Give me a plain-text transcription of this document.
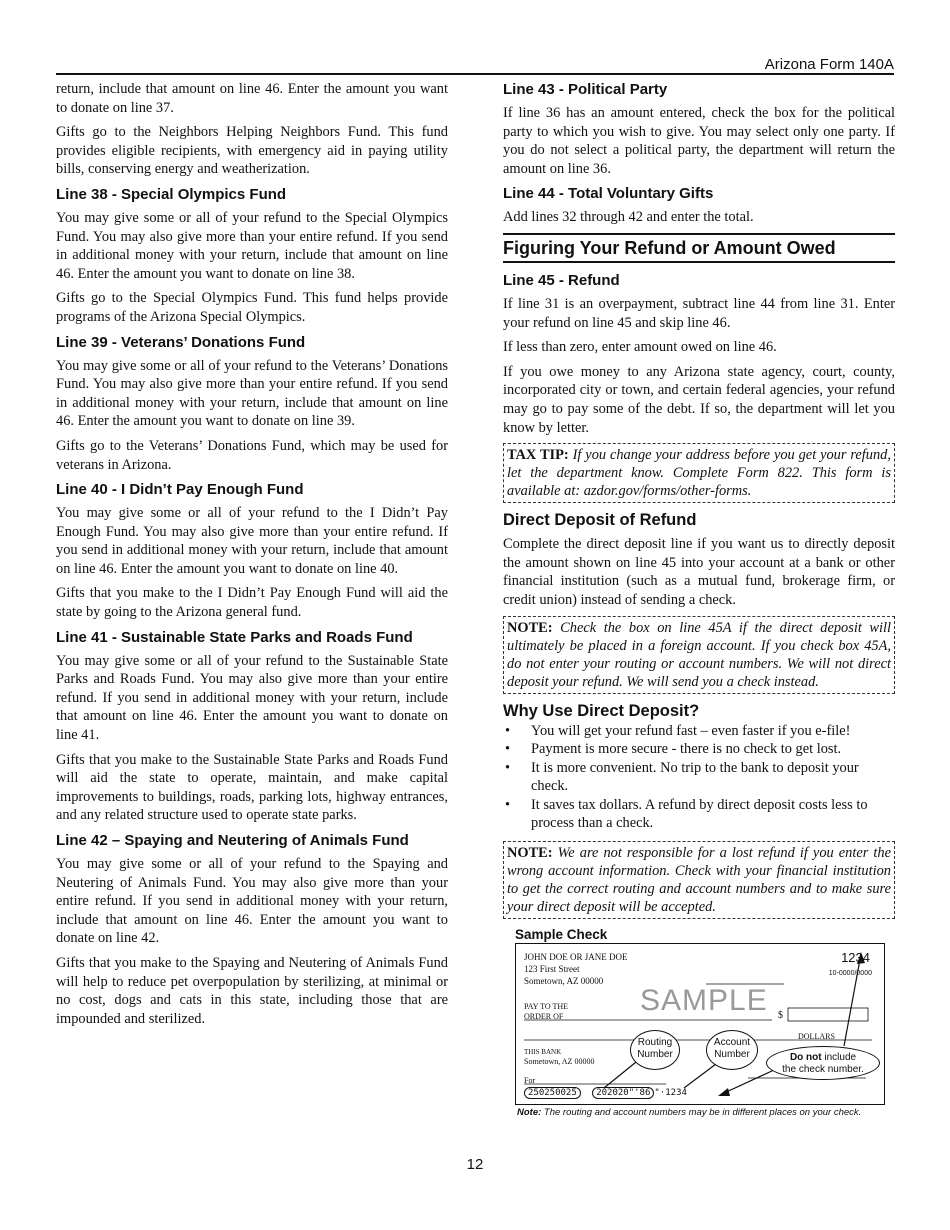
Arizona Form 140A

return, include that amount on line 46. Enter the amount you want to donate on line 37.

Gifts go to the Neighbors Helping Neighbors Fund. This fund provides eligible recipients, with emergency aid in paying utility bills, conserving energy and weatherization.

Line 38 - Special Olympics Fund

You may give some or all of your refund to the Special Olympics Fund. You may also give more than your entire refund. If you send in additional money with your return, include that amount on line 46. Enter the amount you want to donate on line 38.

Gifts go to the Special Olympics Fund. This fund helps provide programs of the Arizona Special Olympics.

Line 39 - Veterans’ Donations Fund

You may give some or all of your refund to the Veterans’ Donations Fund. You may also give more than your entire refund. If you send in additional money with your return, include that amount on line 46. Enter the amount you want to donate on line 39.

Gifts go to the Veterans’ Donations Fund, which may be used for veterans in Arizona.

Line 40 - I Didn’t Pay Enough Fund

You may give some or all of your refund to the I Didn’t Pay Enough Fund. You may also give more than your entire refund. If you send in additional money with your return, include that amount on line 46. Enter the amount you want to donate on line 40.

Gifts that you make to the I Didn’t Pay Enough Fund will aid the state by going to the Arizona general fund.

Line 41 - Sustainable State Parks and Roads Fund

You may give some or all of your refund to the Sustainable State Parks and Roads Fund. You may also give more than your entire refund. If you send in additional money with your return, include that amount on line 46. Enter the amount you want to donate on line 41.

Gifts that you make to the Sustainable State Parks and Roads Fund will aid the state to operate, maintain, and make capital improvements to buildings, roads, parking lots, highway entrances, and any related structure used to operate state parks.

Line 42 – Spaying and Neutering of Animals Fund

You may give some or all of your refund to the Spaying and Neutering of Animals Fund. You may also give more than your entire refund. If you send in additional money with your return, include that amount on line 46. Enter the amount you want to donate on line 42.

Gifts that you make to the Spaying and Neutering of Animals Fund will help to reduce pet overpopulation by sterilizing, at minimal or no cost, dogs and cats in this state, including those that are impounded and sterilized.

Line 43 - Political Party

If line 36 has an amount entered, check the box for the political party to which you wish to give. You may select only one party. If you do not select a political party, the department will return the amount on line 36.

Line 44 - Total Voluntary Gifts

Add lines 32 through 42 and enter the total.

Figuring Your Refund or Amount Owed
Line 45 - Refund

If line 31 is an overpayment, subtract line 44 from line 31. Enter your refund on line 45 and skip line 46.

If less than zero, enter amount owed on line 46.

If you owe money to any Arizona state agency, court, county, incorporated city or town, and certain federal agencies, your refund may go to pay some of the debt. If so, the department will let you know by letter.

TAX TIP: If you change your address before you get your refund, let the department know. Complete Form 822. This form is available at: azdor.gov/forms/other-forms.
Direct Deposit of Refund

Complete the direct deposit line if you want us to directly deposit the amount shown on line 45 into your account at a bank or other financial institution (such as a mutual fund, brokerage firm, or credit union) instead of sending a check.

NOTE: Check the box on line 45A if the direct deposit will ultimately be placed in a foreign account. If you check box 45A, do not enter your routing or account numbers. We will not direct deposit your refund. We will send you a check instead.
Why Use Direct Deposit?
• You will get your refund fast – even faster if you e-file!
• Payment is more secure - there is no check to get lost.
• It is more convenient. No trip to the bank to deposit your check.
• It saves tax dollars. A refund by direct deposit costs less to process than a check.
NOTE: We are not responsible for a lost refund if you enter the wrong account information. Check with your financial institution to get the correct routing and account numbers and to make sure your direct deposit will be accepted.
Sample Check
JOHN DOE OR JANE DOE
123 First Street
Sometown, AZ 00000
1234
10-0000/0000
PAY TO THE
ORDER OF	SAMPLE $
DOLLARS
THIS BANK
Sometown, AZ 00000
For
Routing
Number
Account
Number	Do not include
the check number.
250250025 202020"'86 "·1234
Note: The routing and account numbers may be in different places on your check.
12
